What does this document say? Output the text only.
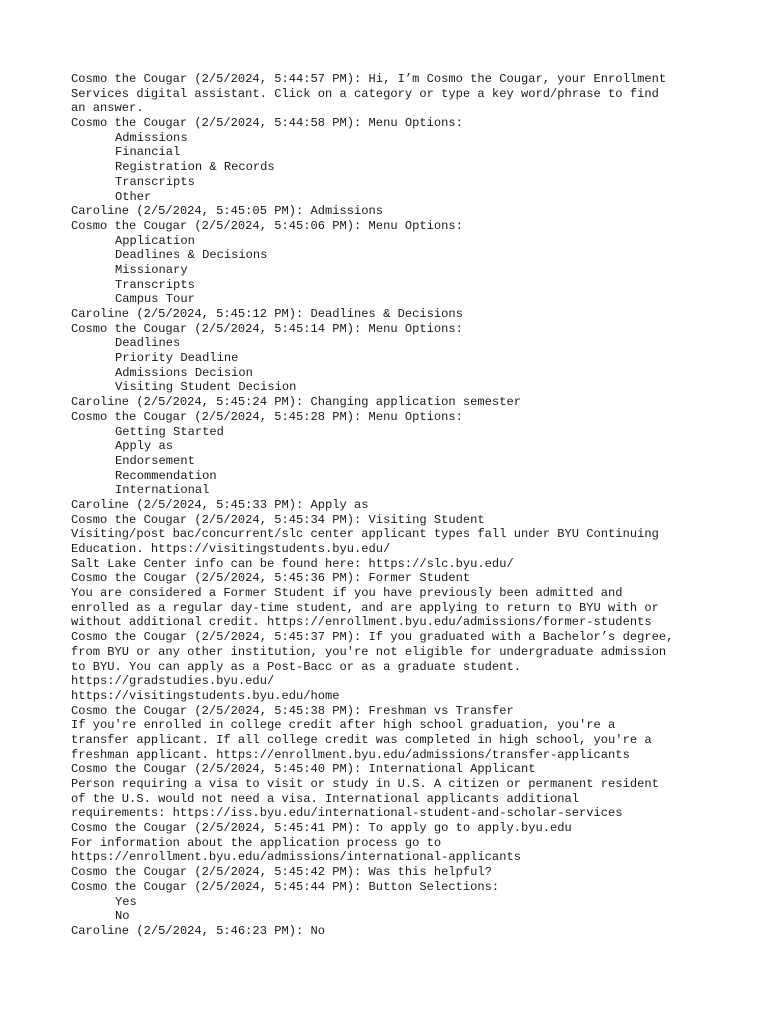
Cosmo the Cougar (2/5/2024, 5:44:57 PM): Hi, I’m Cosmo the Cougar, your Enrollment
Services digital assistant. Click on a category or type a key word/phrase to find
an answer.
Cosmo the Cougar (2/5/2024, 5:44:58 PM): Menu Options:
Admissions
Financial
Registration & Records
Transcripts
Other
Caroline (2/5/2024, 5:45:05 PM): Admissions
Cosmo the Cougar (2/5/2024, 5:45:06 PM): Menu Options:
Application
Deadlines & Decisions
Missionary
Transcripts
Campus Tour
Caroline (2/5/2024, 5:45:12 PM): Deadlines & Decisions
Cosmo the Cougar (2/5/2024, 5:45:14 PM): Menu Options:
Deadlines
Priority Deadline
Admissions Decision
Visiting Student Decision
Caroline (2/5/2024, 5:45:24 PM): Changing application semester
Cosmo the Cougar (2/5/2024, 5:45:28 PM): Menu Options:
Getting Started
Apply as
Endorsement
Recommendation
International
Caroline (2/5/2024, 5:45:33 PM): Apply as
Cosmo the Cougar (2/5/2024, 5:45:34 PM): Visiting Student
Visiting/post bac/concurrent/slc center applicant types fall under BYU Continuing
Education. https://visitingstudents.byu.edu/
Salt Lake Center info can be found here: https://slc.byu.edu/
Cosmo the Cougar (2/5/2024, 5:45:36 PM): Former Student
You are considered a Former Student if you have previously been admitted and
enrolled as a regular day-time student, and are applying to return to BYU with or
without additional credit. https://enrollment.byu.edu/admissions/former-students
Cosmo the Cougar (2/5/2024, 5:45:37 PM): If you graduated with a Bachelor’s degree,
from BYU or any other institution, you're not eligible for undergraduate admission
to BYU. You can apply as a Post-Bacc or as a graduate student.
https://gradstudies.byu.edu/
https://visitingstudents.byu.edu/home
Cosmo the Cougar (2/5/2024, 5:45:38 PM): Freshman vs Transfer
If you're enrolled in college credit after high school graduation, you're a
transfer applicant. If all college credit was completed in high school, you're a
freshman applicant. https://enrollment.byu.edu/admissions/transfer-applicants
Cosmo the Cougar (2/5/2024, 5:45:40 PM): International Applicant
Person requiring a visa to visit or study in U.S. A citizen or permanent resident
of the U.S. would not need a visa. International applicants additional
requirements: https://iss.byu.edu/international-student-and-scholar-services
Cosmo the Cougar (2/5/2024, 5:45:41 PM): To apply go to apply.byu.edu
For information about the application process go to
https://enrollment.byu.edu/admissions/international-applicants
Cosmo the Cougar (2/5/2024, 5:45:42 PM): Was this helpful?
Cosmo the Cougar (2/5/2024, 5:45:44 PM): Button Selections:
Yes
No
Caroline (2/5/2024, 5:46:23 PM): No
